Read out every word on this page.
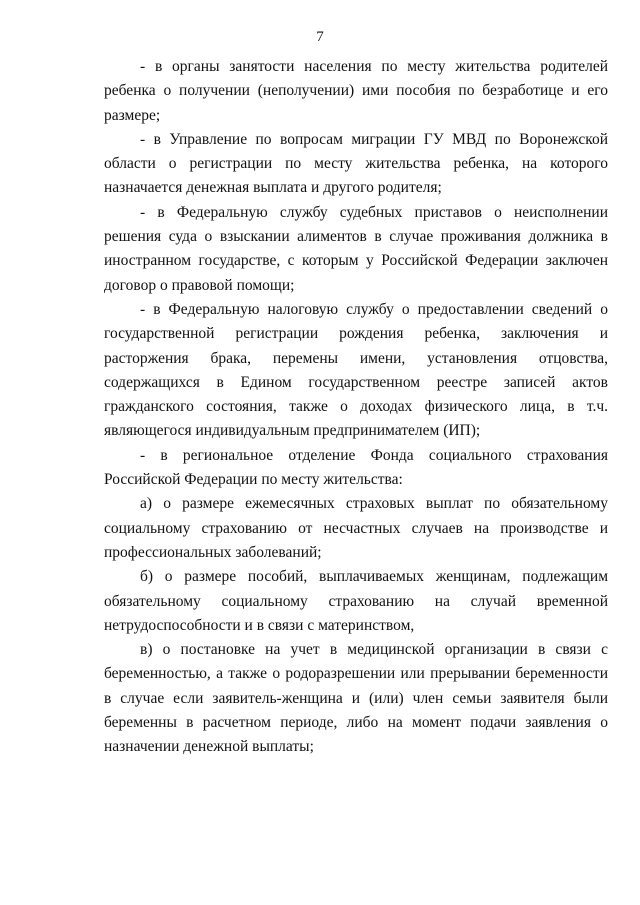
7

- в органы занятости населения по месту жительства родителей ребенка о получении (неполучении) ими пособия по безработице и его размере;

- в Управление по вопросам миграции ГУ МВД по Воронежской области о регистрации по месту жительства ребенка, на которого назначается денежная выплата и другого родителя;

- в Федеральную службу судебных приставов о неисполнении решения суда о взыскании алиментов в случае проживания должника в иностранном государстве, с которым у Российской Федерации заключен договор о правовой помощи;

- в Федеральную налоговую службу о предоставлении сведений о государственной регистрации рождения ребенка, заключения и расторжения брака, перемены имени, установления отцовства, содержащихся в Едином государственном реестре записей актов гражданского состояния, также о доходах физического лица, в т.ч. являющегося индивидуальным предпринимателем (ИП);

- в региональное отделение Фонда социального страхования Российской Федерации по месту жительства:

а) о размере ежемесячных страховых выплат по обязательному социальному страхованию от несчастных случаев на производстве и профессиональных заболеваний;

б) о размере пособий, выплачиваемых женщинам, подлежащим обязательному социальному страхованию на случай временной нетрудоспособности и в связи с материнством,

в) о постановке на учет в медицинской организации в связи с беременностью, а также о родоразрешении или прерывании беременности в случае если заявитель-женщина и (или) член семьи заявителя были беременны в расчетном периоде, либо на момент подачи заявления о назначении денежной выплаты;
